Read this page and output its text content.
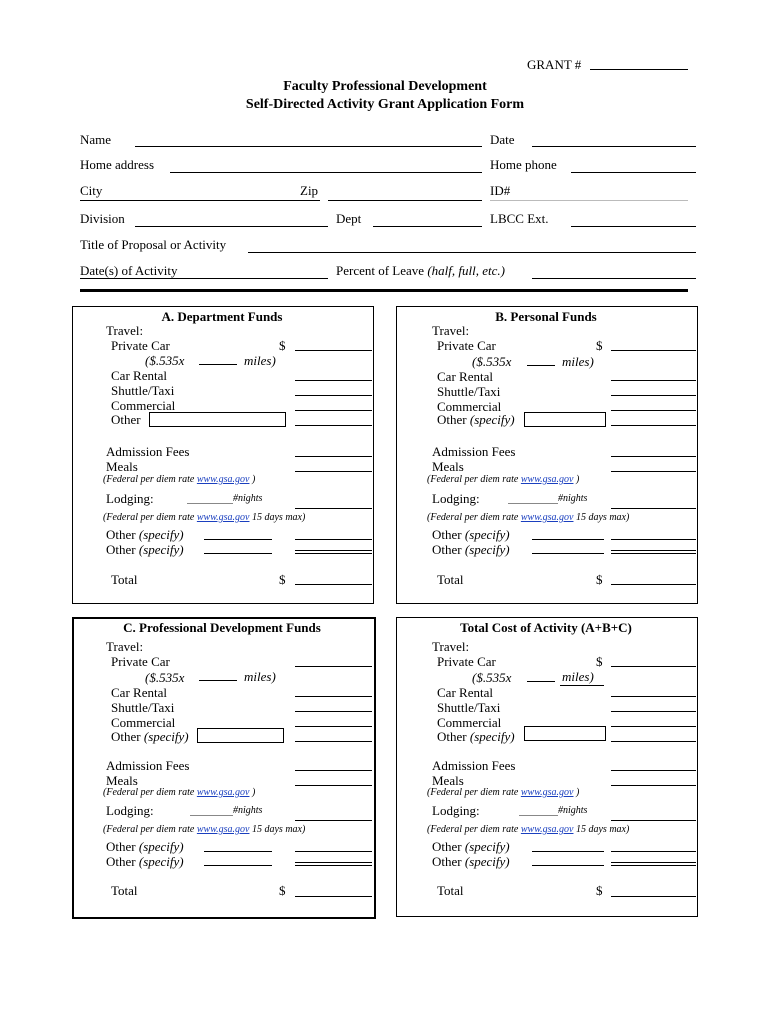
GRANT #
Faculty Professional Development
Self-Directed Activity Grant Application Form
Name	Date
Home address	Home phone
City	Zip	ID#
Division	Dept	LBCC Ext.
Title of Proposal or Activity
Date(s) of Activity	Percent of Leave (half, full, etc.)
A. Department Funds
Travel:
Private Car	$
($.535x	miles)
Car Rental
Shuttle/Taxi
Commercial
Other
Admission Fees
Meals
(Federal per diem rate www.gsa.gov )
Lodging:	#nights
(Federal per diem rate www.gsa.gov 15 days max)
Other (specify)
Other (specify)
Total	$
B. Personal Funds
Travel:
Private Car	$
($.535x	miles)
Car Rental
Shuttle/Taxi
Commercial
Other (specify)
Admission Fees
Meals
(Federal per diem rate www.gsa.gov )
Lodging:	#nights
(Federal per diem rate www.gsa.gov 15 days max)
Other (specify)
Other (specify)
Total	$
C. Professional Development Funds
Travel:
Private Car
($.535x	miles)
Car Rental
Shuttle/Taxi
Commercial
Other (specify)
Admission Fees
Meals
(Federal per diem rate www.gsa.gov )
Lodging:	#nights
(Federal per diem rate www.gsa.gov 15 days max)
Other (specify)
Other (specify)
Total	$
Total Cost of Activity (A+B+C)
Travel:
Private Car	$
($.535x	miles)
Car Rental
Shuttle/Taxi
Commercial
Other (specify)
Admission Fees
Meals
(Federal per diem rate www.gsa.gov )
Lodging:	#nights
(Federal per diem rate www.gsa.gov 15 days max)
Other (specify)
Other (specify)
Total	$
